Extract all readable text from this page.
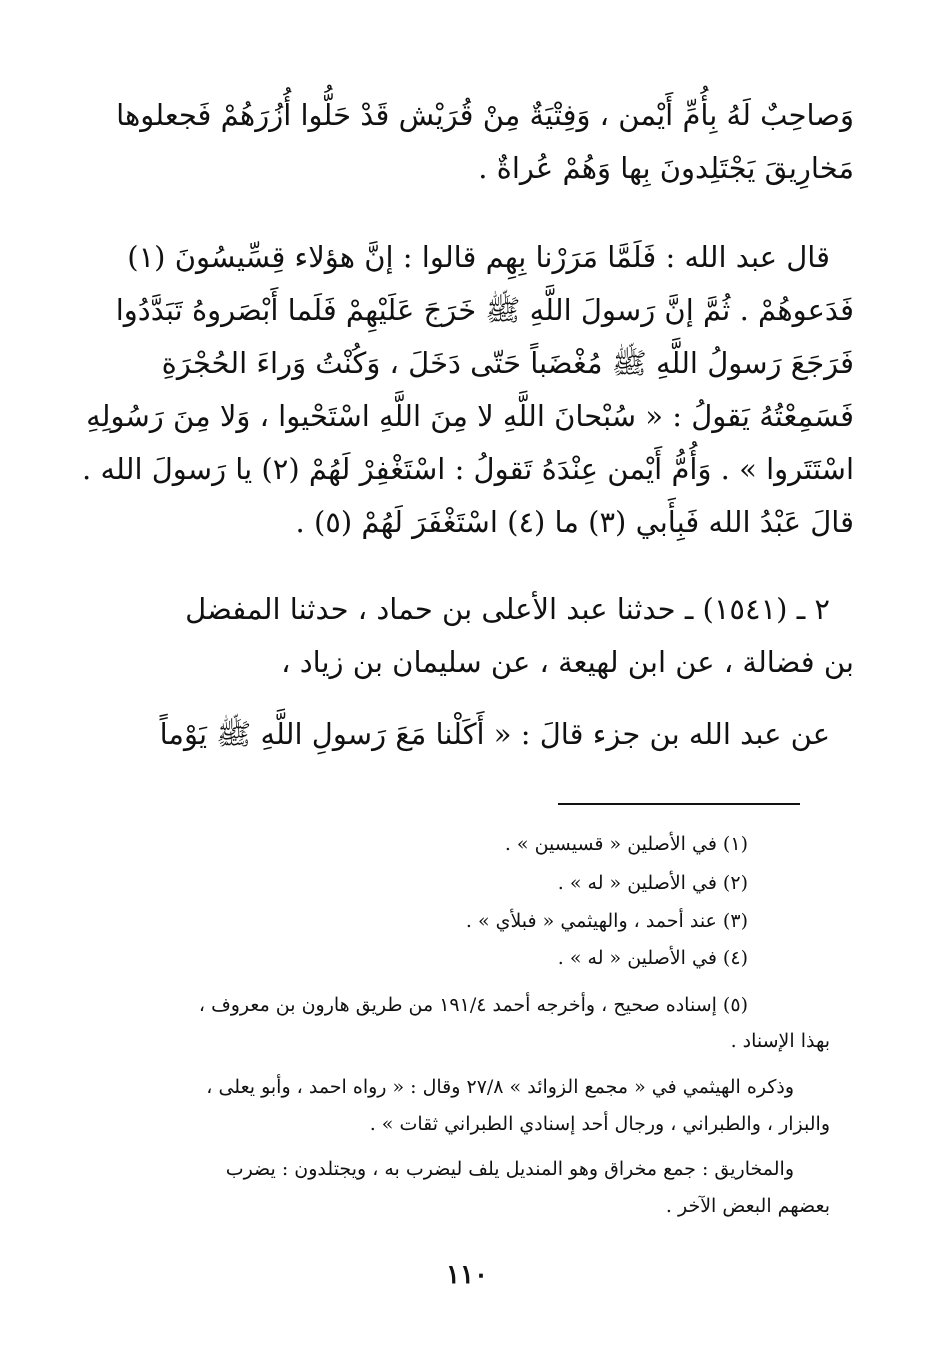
وَصاحِبٌ لَهُ بِأُمِّ أَيْمن ، وَفِتْيَةٌ مِنْ قُرَيْش قَدْ حَلُّوا أُزُرَهُمْ فَجعلوها
مَخارِيقَ يَجْتَلِدونَ بِها وَهُمْ عُراةٌ .
قال عبد الله : فَلَمَّا مَرَرْنا بِهِم قالوا : إنَّ هؤلاء قِسِّيسُونَ (١)
فَدَعوهُمْ . ثُمَّ إنَّ رَسولَ اللَّهِ ﷺ خَرَجَ عَلَيْهِمْ فَلَما أَبْصَروهُ تَبَدَّدُوا
فَرَجَعَ رَسولُ اللَّهِ ﷺ مُغْضَباً حَتّى دَخَلَ ، وَكُنْتُ وَراءَ الحُجْرَةِ
فَسَمِعْتُهُ يَقولُ : « سُبْحانَ اللَّهِ لا مِنَ اللَّهِ اسْتَحْيوا ، وَلا مِنَ رَسُولِهِ
اسْتَتَروا » . وَأُمُّ أَيْمن عِنْدَهُ تَقولُ : اسْتَغْفِرْ لَهُمْ (٢) يا رَسولَ الله .
قالَ عَبْدُ الله فَبِأَبي (٣) ما (٤) اسْتَغْفَرَ لَهُمْ (٥) .
٢ ـ (١٥٤١) ـ حدثنا عبد الأعلى بن حماد ، حدثنا المفضل
بن فضالة ، عن ابن لهيعة ، عن سليمان بن زياد ،
عن عبد الله بن جزء قالَ : « أَكَلْنا مَعَ رَسولِ اللَّهِ ﷺ يَوْماً
(١) في الأصلين « قسيسين » .
(٢) في الأصلين « له » .
(٣) عند أحمد ، والهيثمي « فبلأي » .
(٤) في الأصلين « له » .
(٥) إسناده صحيح ، وأخرجه أحمد ١٩١/٤ من طريق هارون بن معروف ،
بهذا الإسناد .
وذكره الهيثمي في « مجمع الزوائد » ٢٧/٨ وقال : « رواه احمد ، وأبو يعلى ،
والبزار ، والطبراني ، ورجال أحد إسنادي الطبراني ثقات » .
والمخاريق : جمع مخراق وهو المنديل يلف ليضرب به ، ويجتلدون : يضرب
بعضهم البعض الآخر .
١١٠
